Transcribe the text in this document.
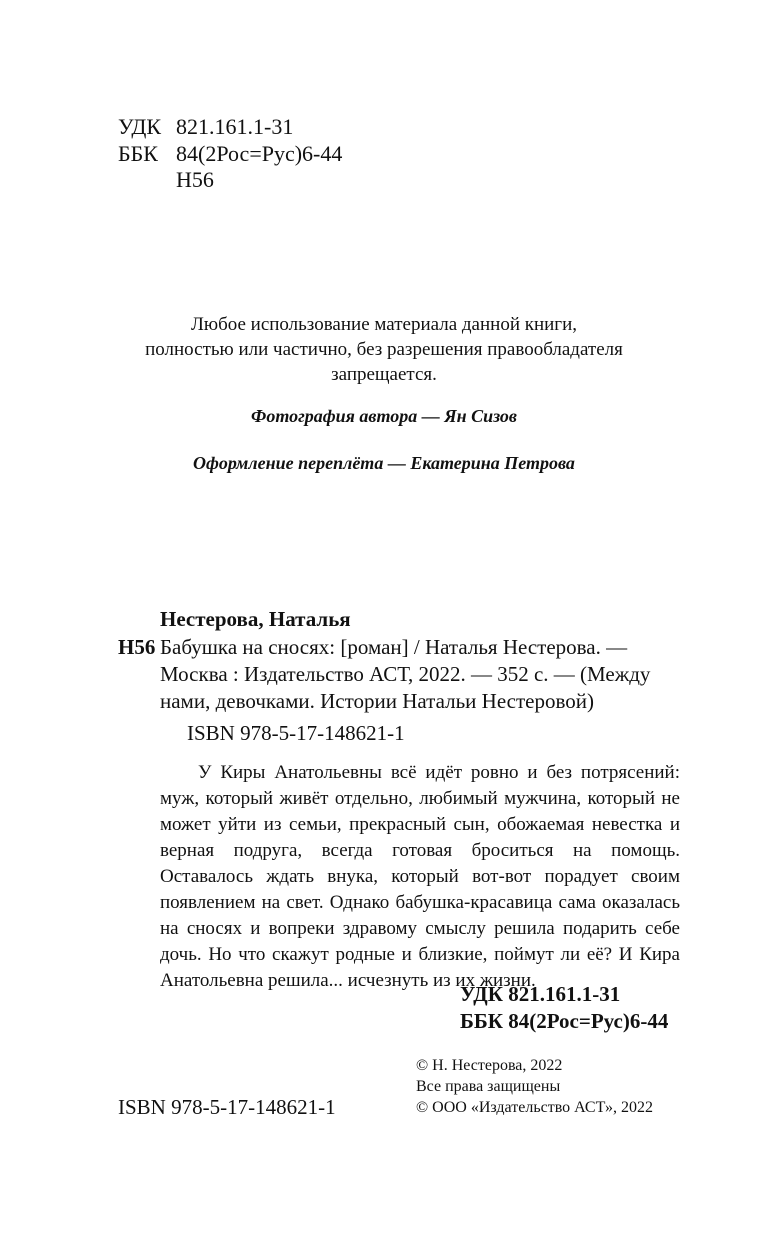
УДК 821.161.1-31
ББК 84(2Рос=Рус)6-44
Н56
Любое использование материала данной книги,
полностью или частично, без разрешения правообладателя
запрещается.
Фотография автора — Ян Сизов
Оформление переплёта — Екатерина Петрова
Нестерова, Наталья
Н56 Бабушка на сносях: [роман] / Наталья Нестерова. —
Москва : Издательство АСТ, 2022. — 352 с. — (Между
нами, девочками. Истории Натальи Нестеровой)
ISBN 978-5-17-148621-1
У Киры Анатольевны всё идёт ровно и без потрясений: муж, который живёт отдельно, любимый мужчина, который не может уйти из семьи, прекрасный сын, обожаемая невестка и верная подруга, всегда готовая броситься на помощь. Оставалось ждать внука, который вот-вот порадует своим появлением на свет. Однако бабушка-красавица сама оказалась на сносях и вопреки здравому смыслу решила подарить себе дочь. Но что скажут родные и близкие, поймут ли её? И Кира Анатольевна решила... исчезнуть из их жизни.
УДК 821.161.1-31
ББК 84(2Рос=Рус)6-44
ISBN 978-5-17-148621-1
© Н. Нестерова, 2022
Все права защищены
© ООО «Издательство АСТ», 2022
